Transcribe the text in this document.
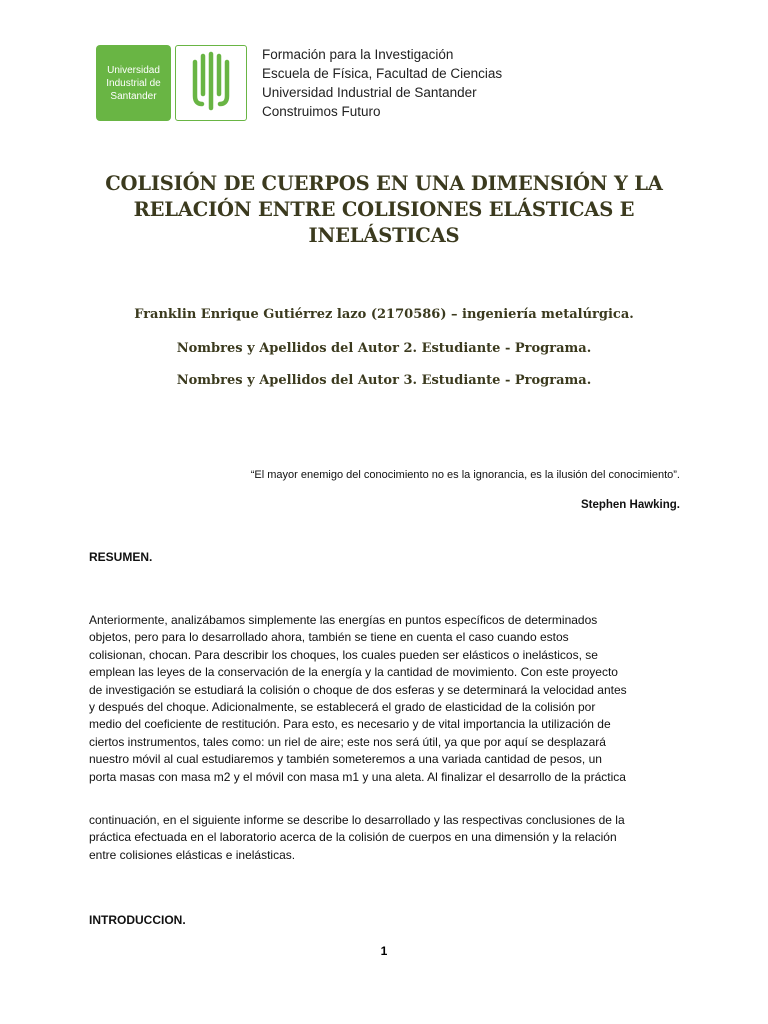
Universidad
Industrial de
Santander
Formación para la Investigación
Escuela de Física, Facultad de Ciencias
Universidad Industrial de Santander
Construimos Futuro
COLISIÓN DE CUERPOS EN UNA DIMENSIÓN Y LA
RELACIÓN ENTRE COLISIONES ELÁSTICAS E
INELÁSTICAS
Franklin Enrique Gutiérrez lazo (2170586) – ingeniería metalúrgica.
Nombres y Apellidos del Autor 2. Estudiante - Programa.
Nombres y Apellidos del Autor 3. Estudiante - Programa.
“El mayor enemigo del conocimiento no es la ignorancia, es la ilusión del conocimiento”.
Stephen Hawking.
RESUMEN.
Anteriormente, analizábamos simplemente las energías en puntos específicos de determinados
objetos, pero para lo desarrollado ahora, también se tiene en cuenta el caso cuando estos
colisionan, chocan. Para describir los choques, los cuales pueden ser elásticos o inelásticos, se
emplean las leyes de la conservación de la energía y la cantidad de movimiento. Con este proyecto
de investigación se estudiará la colisión o choque de dos esferas y se determinará la velocidad antes
y después del choque. Adicionalmente, se establecerá el grado de elasticidad de la colisión por
medio del coeficiente de restitución. Para esto, es necesario y de vital importancia la utilización de
ciertos instrumentos, tales como: un riel de aire; este nos será útil, ya que por aquí se desplazará
nuestro móvil al cual estudiaremos y también someteremos a una variada cantidad de pesos, un
porta masas con masa m2 y el móvil con masa m1 y una aleta. Al finalizar el desarrollo de la práctica
continuación, en el siguiente informe se describe lo desarrollado y las respectivas conclusiones de la
práctica efectuada en el laboratorio acerca de la colisión de cuerpos en una dimensión y la relación
entre colisiones elásticas e inelásticas.
INTRODUCCION.
1
